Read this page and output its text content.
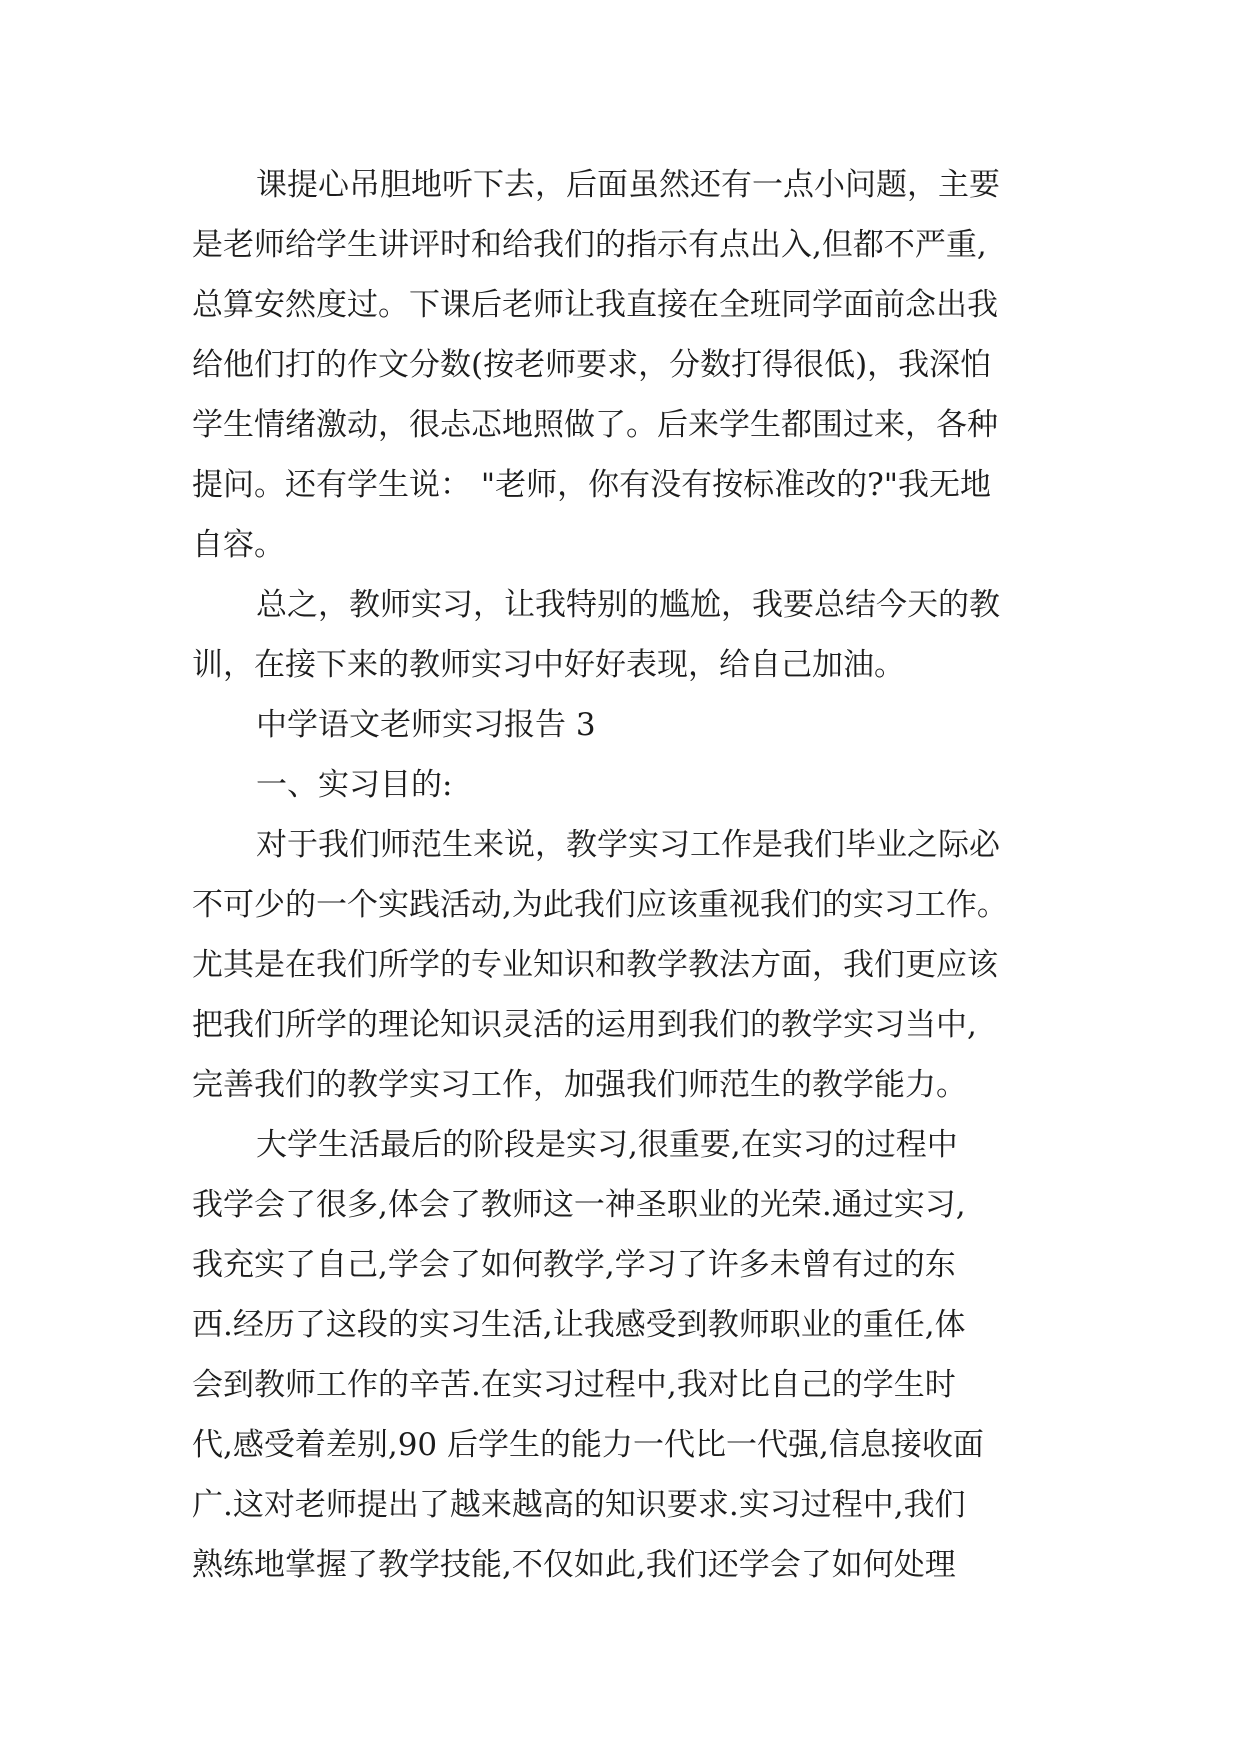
课提心吊胆地听下去，后面虽然还有一点小问题，主要
是老师给学生讲评时和给我们的指示有点出入,但都不严重,
总算安然度过。下课后老师让我直接在全班同学面前念出我
给他们打的作文分数(按老师要求，分数打得很低)，我深怕
学生情绪激动，很忐忑地照做了。后来学生都围过来，各种
提问。还有学生说： "老师，你有没有按标准改的?"我无地
自容。
总之，教师实习，让我特别的尴尬，我要总结今天的教
训，在接下来的教师实习中好好表现，给自己加油。
中学语文老师实习报告 3
一、实习目的:
对于我们师范生来说，教学实习工作是我们毕业之际必
不可少的一个实践活动,为此我们应该重视我们的实习工作。
尤其是在我们所学的专业知识和教学教法方面，我们更应该
把我们所学的理论知识灵活的运用到我们的教学实习当中,
完善我们的教学实习工作，加强我们师范生的教学能力。
大学生活最后的阶段是实习,很重要,在实习的过程中
我学会了很多,体会了教师这一神圣职业的光荣.通过实习,
我充实了自己,学会了如何教学,学习了许多未曾有过的东
西.经历了这段的实习生活,让我感受到教师职业的重任,体
会到教师工作的辛苦.在实习过程中,我对比自己的学生时
代,感受着差别,90 后学生的能力一代比一代强,信息接收面
广.这对老师提出了越来越高的知识要求.实习过程中,我们
熟练地掌握了教学技能,不仅如此,我们还学会了如何处理
